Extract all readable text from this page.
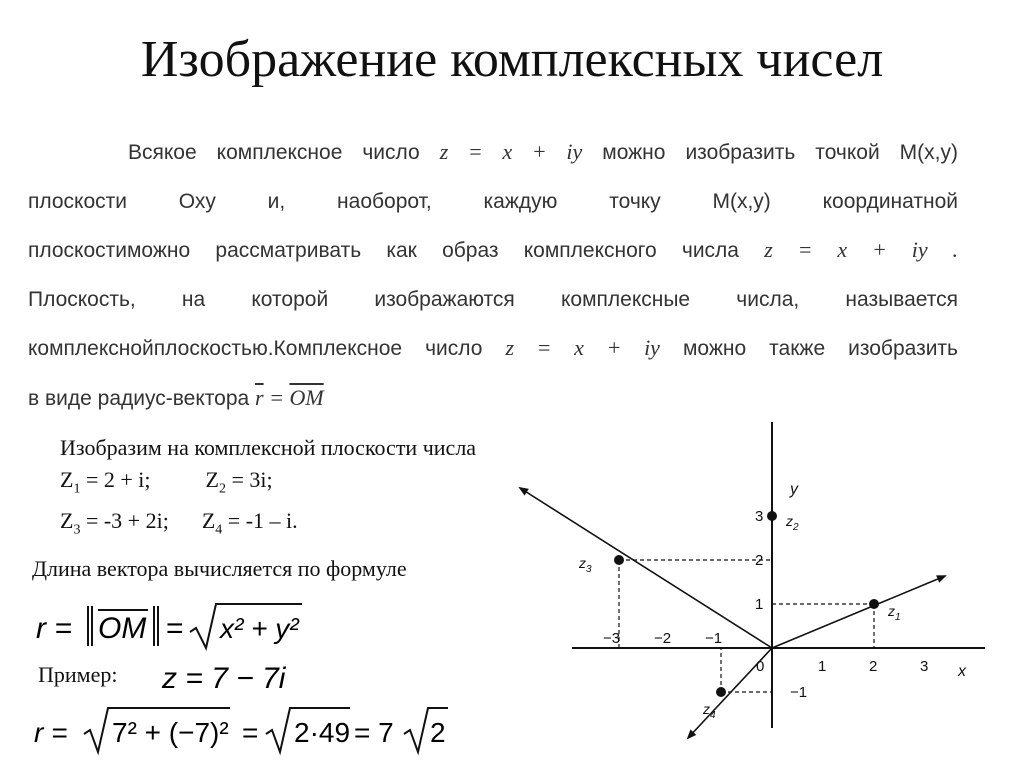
Изображение комплексных чисел
Всякое комплексное число z = x + iy можно изобразить точкой M(x,y)
плоскости Оху и, наоборот, каждую точку M(x,y) координатной
плоскостиможно рассматривать как образ комплексного числа z = x + iy .
Плоскость, на которой изображаются комплексные числа, называется
комплекснойплоскостью.Комплексное число z = x + iy можно также изобразить
в виде радиус-вектора $\overline{r} = \overline{OM}$
Изобразим на комплексной плоскости числа
$Z_1 = 2 + i$;	$Z_2 = 3i$;
$Z_3 = -3 + 2i$; $Z_4 = -1 - i$.
Длина вектора вычисляется по формуле
r = OM = x² + y²
Пример: z = 7 − 7i
r = 7² + (−7)² = 2·49 = 7 2
x
y
0
−3 −2 −1
1	2	3
3
2
1
−1
$z_1$
$z_2$
$z_3$
$z_4$
